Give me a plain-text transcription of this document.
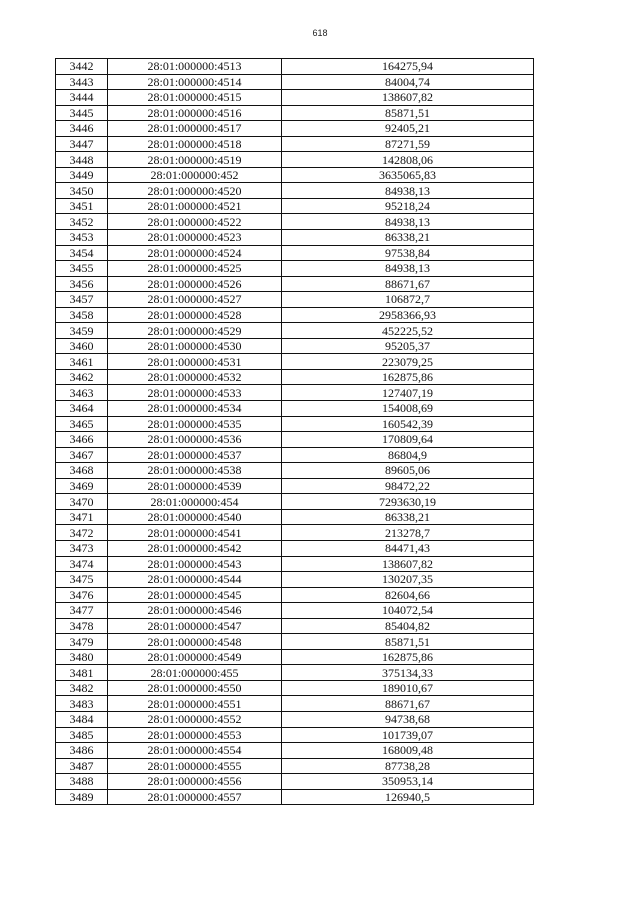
618
3442	28:01:000000:4513	164275,94
3443	28:01:000000:4514	84004,74
3444	28:01:000000:4515	138607,82
3445	28:01:000000:4516	85871,51
3446	28:01:000000:4517	92405,21
3447	28:01:000000:4518	87271,59
3448	28:01:000000:4519	142808,06
3449	28:01:000000:452	3635065,83
3450	28:01:000000:4520	84938,13
3451	28:01:000000:4521	95218,24
3452	28:01:000000:4522	84938,13
3453	28:01:000000:4523	86338,21
3454	28:01:000000:4524	97538,84
3455	28:01:000000:4525	84938,13
3456	28:01:000000:4526	88671,67
3457	28:01:000000:4527	106872,7
3458	28:01:000000:4528	2958366,93
3459	28:01:000000:4529	452225,52
3460	28:01:000000:4530	95205,37
3461	28:01:000000:4531	223079,25
3462	28:01:000000:4532	162875,86
3463	28:01:000000:4533	127407,19
3464	28:01:000000:4534	154008,69
3465	28:01:000000:4535	160542,39
3466	28:01:000000:4536	170809,64
3467	28:01:000000:4537	86804,9
3468	28:01:000000:4538	89605,06
3469	28:01:000000:4539	98472,22
3470	28:01:000000:454	7293630,19
3471	28:01:000000:4540	86338,21
3472	28:01:000000:4541	213278,7
3473	28:01:000000:4542	84471,43
3474	28:01:000000:4543	138607,82
3475	28:01:000000:4544	130207,35
3476	28:01:000000:4545	82604,66
3477	28:01:000000:4546	104072,54
3478	28:01:000000:4547	85404,82
3479	28:01:000000:4548	85871,51
3480	28:01:000000:4549	162875,86
3481	28:01:000000:455	375134,33
3482	28:01:000000:4550	189010,67
3483	28:01:000000:4551	88671,67
3484	28:01:000000:4552	94738,68
3485	28:01:000000:4553	101739,07
3486	28:01:000000:4554	168009,48
3487	28:01:000000:4555	87738,28
3488	28:01:000000:4556	350953,14
3489	28:01:000000:4557	126940,5
